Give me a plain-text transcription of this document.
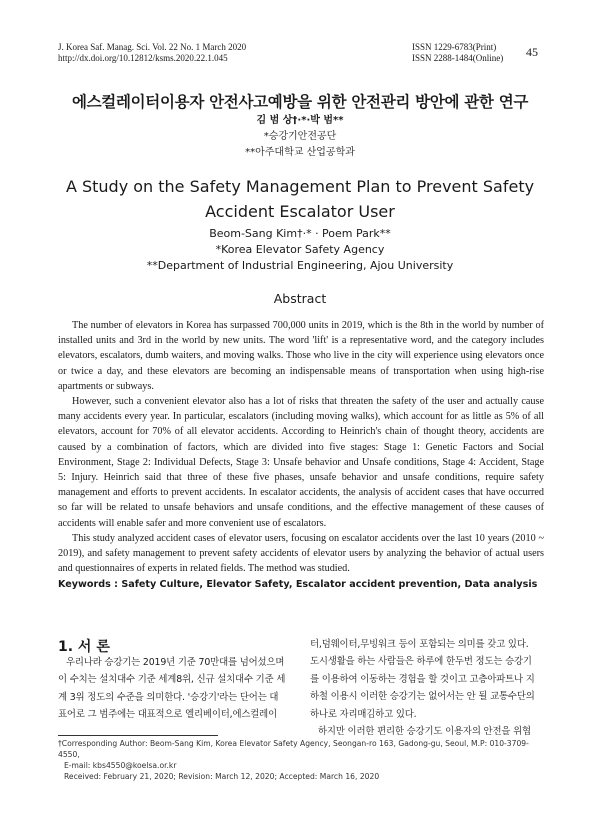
J. Korea Saf. Manag. Sci. Vol. 22 No. 1 March 2020
http://dx.doi.org/10.12812/ksms.2020.22.1.045
ISSN 1229-6783(Print)
ISSN 2288-1484(Online) 45
에스컬레이터이용자 안전사고예방을 위한 안전관리 방안에 관한 연구
김 범 상†·*·박 범**
*승강기안전공단
**아주대학교 산업공학과
A Study on the Safety Management Plan to Prevent Safety
Accident Escalator User
Beom-Sang Kim†·* · Poem Park**
*Korea Elevator Safety Agency
**Department of Industrial Engineering, Ajou University
Abstract

The number of elevators in Korea has surpassed 700,000 units in 2019, which is the 8th in the world by number of installed units and 3rd in the world by new units. The word 'lift' is a representative word, and the category includes elevators, escalators, dumb waiters, and moving walks. Those who live in the city will experience using elevators once or twice a day, and these elevators are becoming an indispensable means of transportation when using high-rise apartments or subways.

However, such a convenient elevator also has a lot of risks that threaten the safety of the user and actually cause many accidents every year. In particular, escalators (including moving walks), which account for as little as 5% of all elevators, account for 70% of all elevator accidents. According to Heinrich's chain of thought theory, accidents are caused by a combination of factors, which are divided into five stages: Stage 1: Genetic Factors and Social Environment, Stage 2: Individual Defects, Stage 3: Unsafe behavior and Unsafe conditions, Stage 4: Accident, Stage 5: Injury. Heinrich said that three of these five phases, unsafe behavior and unsafe conditions, require safety management and efforts to prevent accidents. In escalator accidents, the analysis of accident cases that have occurred so far will be related to unsafe behaviors and unsafe conditions, and the effective management of these causes of accidents will enable safer and more convenient use of escalators.

This study analyzed accident cases of elevator users, focusing on escalator accidents over the last 10 years (2010 ~ 2019), and safety management to prevent safety accidents of elevator users by analyzing the behavior of actual users and questionnaires of experts in related fields. The method was studied.

Keywords : Safety Culture, Elevator Safety, Escalator accident prevention, Data analysis
1. 서 론

우리나라 승강기는 2019년 기준 70만대를 넘어섰으며

이 수치는 설치대수 기준 세계8위, 신규 설치대수 기준 세

계 3위 정도의 수준을 의미한다. '승강기'라는 단어는 대

표어로 그 범주에는 대표적으로 엘리베이터,에스컬레이

터,덤웨이터,무빙워크 등이 포함되는 의미를 갖고 있다.

도시생활을 하는 사람들은 하루에 한두번 정도는 승강기

를 이용하여 이동하는 경험을 할 것이고 고층아파트나 지

하철 이용시 이러한 승강기는 없어서는 안 될 교통수단의

하나로 자리매김하고 있다.

하지만 이러한 편리한 승강기도 이용자의 안전을 위협

†Corresponding Author: Beom-Sang Kim, Korea Elevator Safety Agency, Seongan-ro 163, Gadong-gu, Seoul, M.P: 010-3709-4550,
E-mail: kbs4550@koelsa.or.kr
Received: February 21, 2020; Revision: March 12, 2020; Accepted: March 16, 2020
